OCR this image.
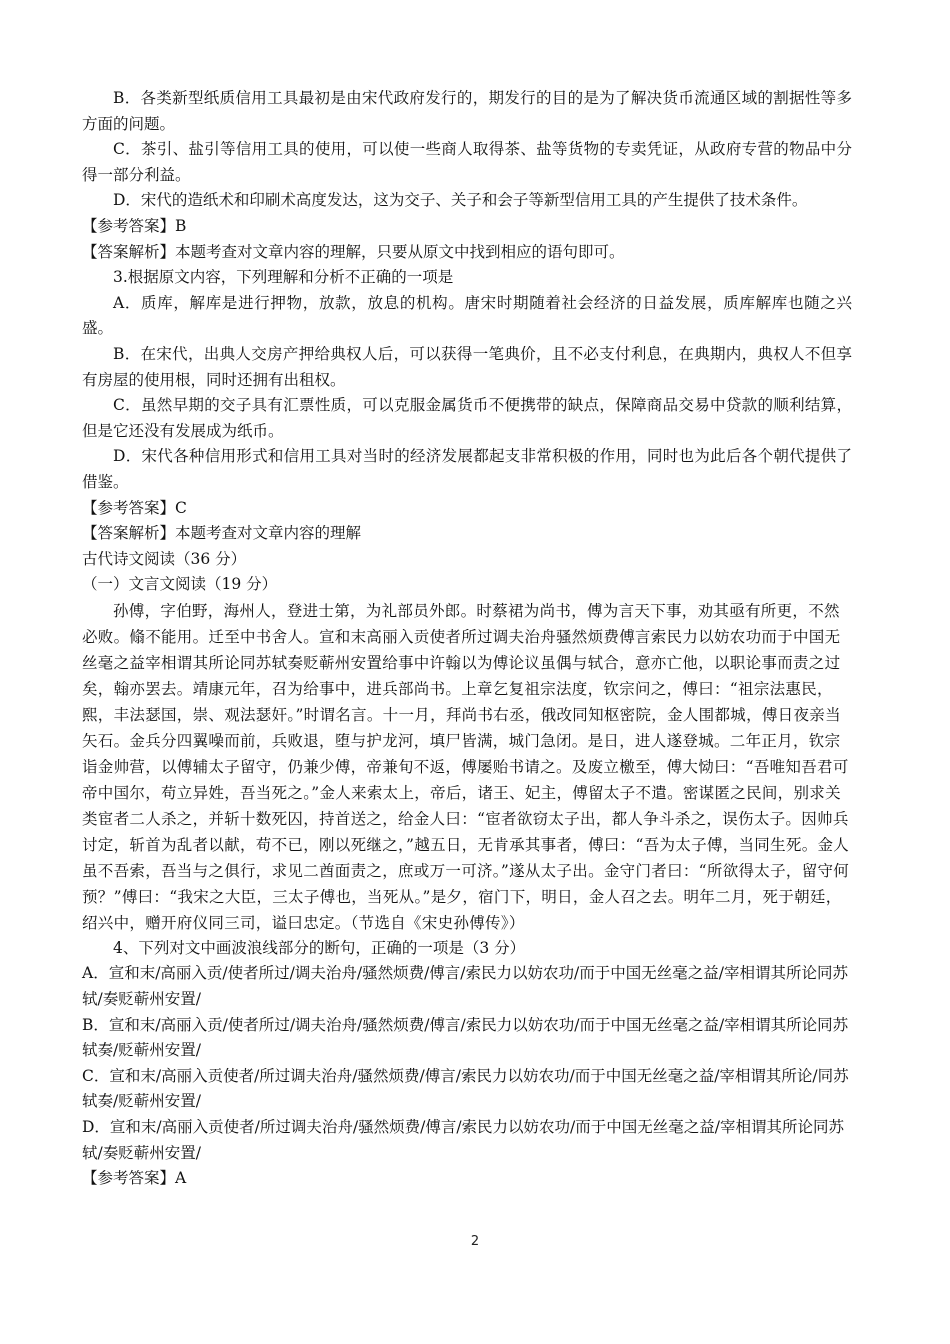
B．各类新型纸质信用工具最初是由宋代政府发行的，期发行的目的是为了解决货币流通区域的割据性等多方面的问题。

C．茶引、盐引等信用工具的使用，可以使一些商人取得茶、盐等货物的专卖凭证，从政府专营的物品中分得一部分利益。

D．宋代的造纸术和印刷术高度发达，这为交子、关子和会子等新型信用工具的产生提供了技术条件。

【参考答案】B

【答案解析】本题考查对文章内容的理解，只要从原文中找到相应的语句即可。

3.根据原文内容，下列理解和分析不正确的一项是

A．质库，解库是进行押物，放款，放息的机构。唐宋时期随着社会经济的日益发展，质库解库也随之兴盛。

B．在宋代，出典人交房产押给典权人后，可以获得一笔典价，且不必支付利息，在典期内，典权人不但享有房屋的使用根，同时还拥有出租权。

C．虽然早期的交子具有汇票性质，可以克服金属货币不便携带的缺点，保障商品交易中贷款的顺利结算，但是它还没有发展成为纸币。

D．宋代各种信用形式和信用工具对当时的经济发展都起支非常积极的作用，同时也为此后各个朝代提供了借鉴。

【参考答案】C

【答案解析】本题考查对文章内容的理解

古代诗文阅读（36 分）

（一）文言文阅读（19 分）

孙傅，字伯野，海州人，登进士第，为礼部员外郎。时蔡裙为尚书，傅为言天下事，劝其亟有所更，不然必败。翛不能用。迁至中书舍人。宣和末高丽入贡使者所过调夫治舟骚然烦费傅言索民力以妨农功而于中国无丝毫之益宰相谓其所论同苏轼奏贬蕲州安置给事中许翰以为傅论议虽偶与轼合，意亦亡他，以职论事而责之过矣，翰亦罢去。靖康元年，召为给事中，进兵部尚书。上章乞复祖宗法度，钦宗问之，傅曰：“祖宗法惠民，熙，丰法瑟国，崇、观法瑟奸。”时谓名言。十一月，拜尚书右丞，俄改同知枢密院，金人围都城，傅日夜亲当矢石。金兵分四翼噪而前，兵败退，堕与护龙河，填尸皆满，城门急闭。是日，进人遂登城。二年正月，钦宗诣金帅营，以傅辅太子留守，仍兼少傅，帝兼旬不返，傅屡贻书请之。及废立檄至，傅大恸曰：“吾唯知吾君可帝中国尔，苟立异姓，吾当死之。”金人来索太上，帝后，诸王、妃主，傅留太子不遣。密谋匿之民间，别求关类宦者二人杀之，并斩十数死囚，持首送之，给金人曰：“宦者欲窃太子出，都人争斗杀之，误伤太子。因帅兵讨定，斩首为乱者以献，苟不已，刚以死继之，”越五日，无肯承其事者，傅曰：“吾为太子傅，当同生死。金人虽不吾索，吾当与之俱行，求见二酋面责之，庶或万一可济。”遂从太子出。金守门者曰：“所欲得太子，留守何预？”傅曰：“我宋之大臣，三太子傅也，当死从。”是夕，宿门下，明日，金人召之去。明年二月，死于朝廷，绍兴中，赠开府仪同三司，谥曰忠定。（节选自《宋史孙傅传》）

4、下列对文中画波浪线部分的断句，正确的一项是（3 分）

A．宣和末/高丽入贡/使者所过/调夫治舟/骚然烦费/傅言/索民力以妨农功/而于中国无丝毫之益/宰相谓其所论同苏轼/奏贬蕲州安置/

B．宣和末/高丽入贡/使者所过/调夫治舟/骚然烦费/傅言/索民力以妨农功/而于中国无丝毫之益/宰相谓其所论同苏轼奏/贬蕲州安置/

C．宣和末/高丽入贡使者/所过调夫治舟/骚然烦费/傅言/索民力以妨农功/而于中国无丝毫之益/宰相谓其所论/同苏轼奏/贬蕲州安置/

D．宣和末/高丽入贡使者/所过调夫治舟/骚然烦费/傅言/索民力以妨农功/而于中国无丝毫之益/宰相谓其所论同苏轼/奏贬蕲州安置/

【参考答案】A

2
